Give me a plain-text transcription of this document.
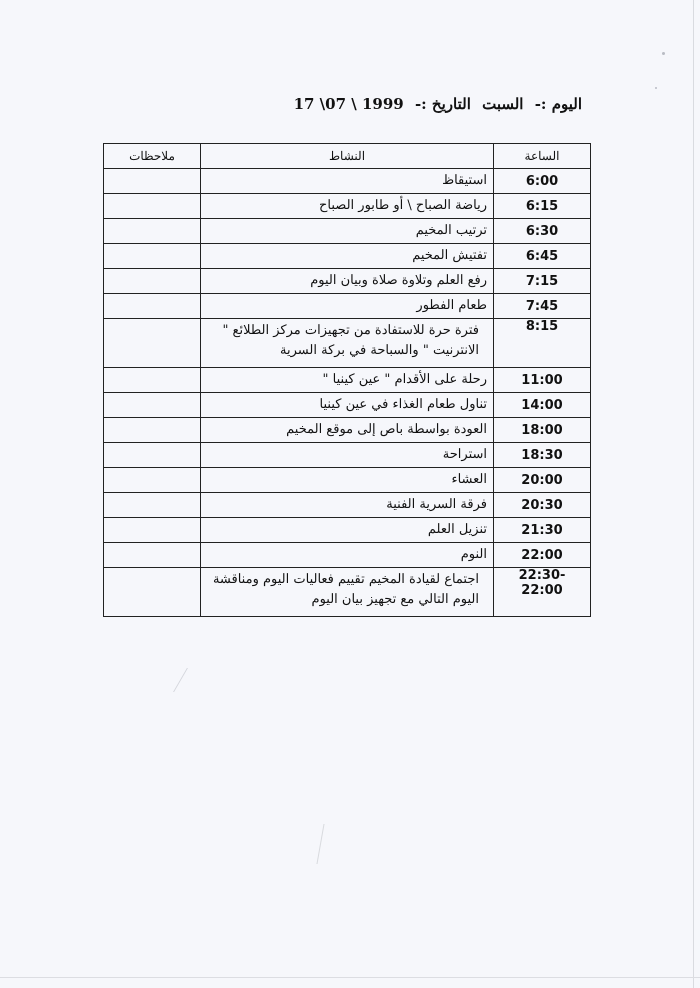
اليوم :- السبت التاريخ :- 17 \07 \ 1999
الساعة	النشاط	ملاحظات
6:00	استيقاظ	
6:15	رياضة الصباح \ أو طابور الصباح	
6:30	ترتيب المخيم	
6:45	تفتيش المخيم	
7:15	رفع العلم وتلاوة صلاة وبيان اليوم	
7:45	طعام الفطور	
8:15	فترة حرة للاستفادة من تجهيزات مركز الطلائع " الانترنيت " والسباحة في بركة السرية	
11:00	رحلة على الأقدام " عين كينيا "	
14:00	تناول طعام الغذاء في عين كينيا	
18:00	العودة بواسطة باص إلى موقع المخيم	
18:30	استراحة	
20:00	العشاء	
20:30	فرقة السرية الفنية	
21:30	تنزيل العلم	
22:00	النوم	
22:30-22:00	اجتماع لقيادة المخيم تقييم فعاليات اليوم ومناقشة اليوم التالي مع تجهيز بيان اليوم	
